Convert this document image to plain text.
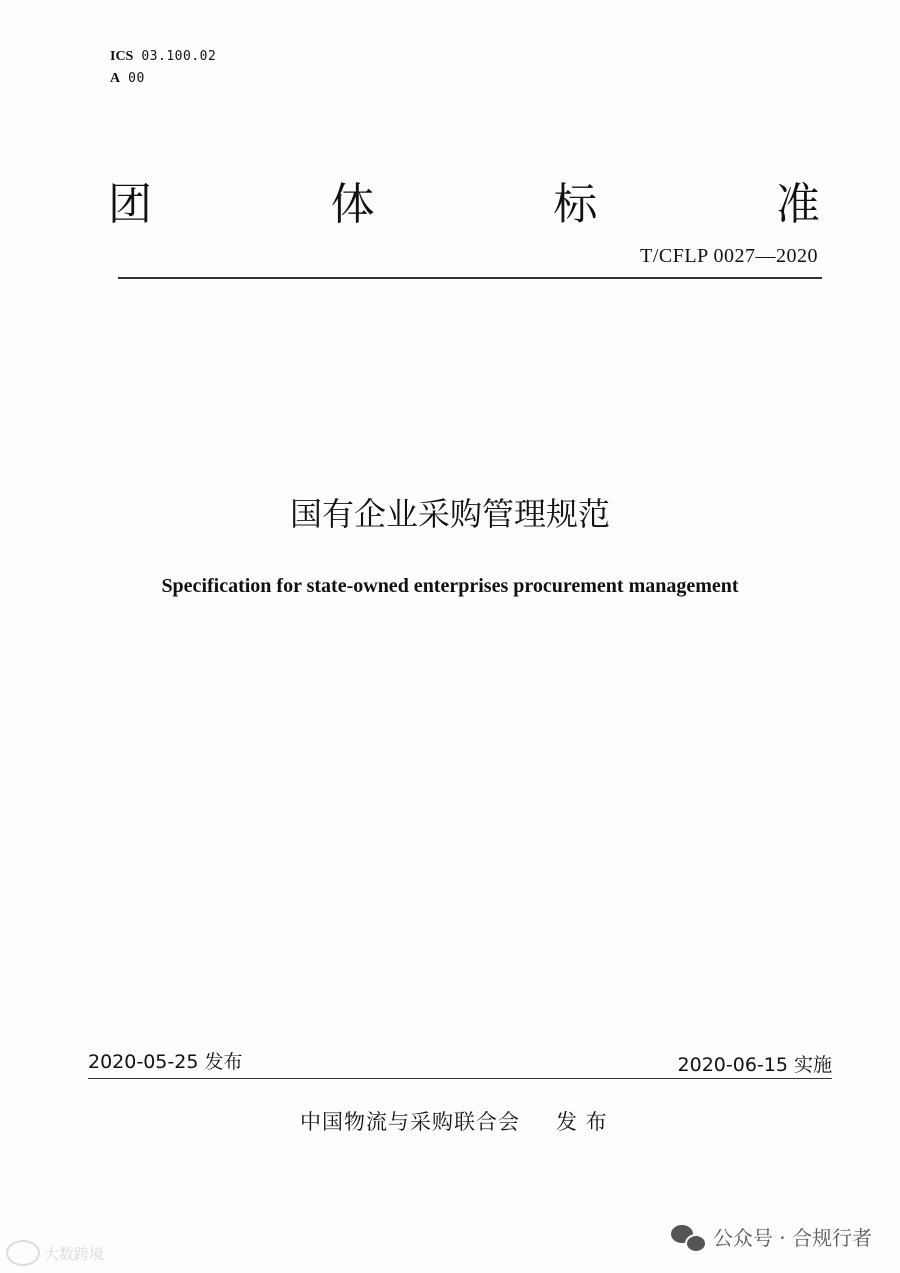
ICS 03.100.02
A 00
团	体	标	准
T/CFLP 0027—2020
国有企业采购管理规范
Specification for state-owned enterprises procurement management
2020-05-25 发布	2020-06-15 实施
中国物流与采购联合会 发 布
大数跨境
公众号 · 合规行者
